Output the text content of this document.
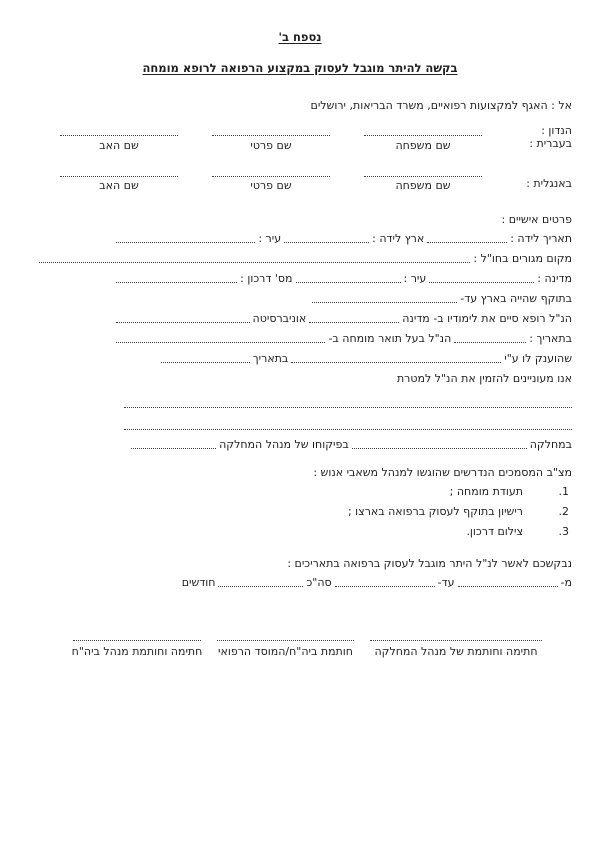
נספח ב'
בקשה להיתר מוגבל לעסוק במקצוע הרפואה לרופא מומחה
אל : האגף למקצועות רפואיים, משרד הבריאות, ירושלים
הנדון :
בעברית :
שם משפחה
שם פרטי
שם האב
באנגלית :
שם משפחה
שם פרטי
שם האב
פרטים אישיים :
תאריך לידה :
ארץ לידה :
עיר :
מקום מגורים בחו"ל :
מדינה :
עיר :
מס' דרכון :
בתוקף שהייה בארץ עד-
הנ"ל רופא סיים את לימודיו ב- מדינה
אוניברסיטה
בתאריך :
הנ"ל בעל תואר מומחה ב-
שהוענק לו ע"י
בתאריך
אנו מעוניינים להזמין את הנ"ל למטרת
במחלקה
בפיקוחו של מנהל המחלקה
מצ"ב המסמכים הנדרשים שהוגשו למנהל משאבי אנוש :
1.
תעודת מומחה ;
2.
רישיון בתוקף לעסוק ברפואה בארצו ;
3.
צילום דרכון.
נבקשכם לאשר לנ"ל היתר מוגבל לעסוק ברפואה בתאריכים :
מ-
עד-
סה"כ
חודשים
חתימה וחותמת של מנהל המחלקה
חותמת ביה"ח/המוסד הרפואי
חתימה וחותמת מנהל ביה"ח
